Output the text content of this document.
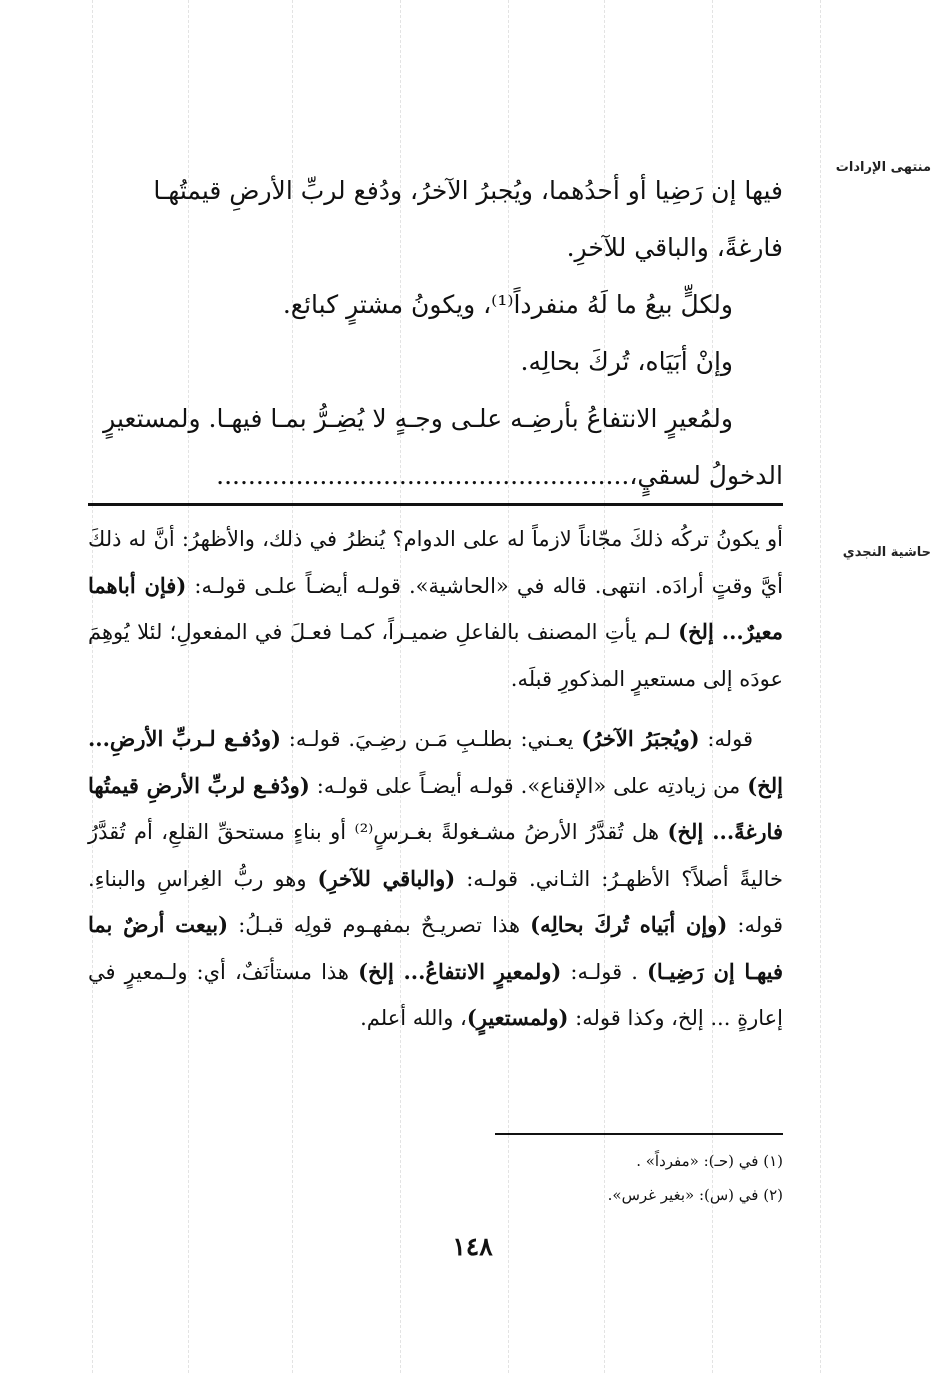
منتهى الإرادات
حاشية النجدي

فيها إن رَضِيا أو أحدُهما، ويُجبرُ الآخرُ، ودُفع لربِّ الأرضِ قيمتُهـا

فارغةً، والباقي للآخرِ.

ولكلٍّ بيعُ ما لَهُ منفرداً⁽¹⁾، ويكونُ مشترٍ كبائع.

وإنْ أبَيَاه، تُركَ بحالِه.

ولمُعيرٍ الانتفاعُ بأرضِـه علـى وجـهٍ لا يُضِـرُّ بمـا فيهـا. ولمستعيرٍ

الدخولُ لسقيٍ،....................................................

أو يكونُ تركُه ذلكَ مجّاناً لازماً له على الدوام؟ يُنظرُ في ذلك، والأظهرُ: أنَّ له ذلكَ أيَّ وقتٍ أرادَه. انتهى. قاله في «الحاشية». قولـه أيضـاً علـى قولـه: (فإن أباهما معيرٌ... إلخ) لـم يأتِ المصنف بالفاعلِ ضميـراً، كمـا فعـلَ في المفعولِ؛ لئلا يُوهِمَ عودَه إلى مستعيرٍ المذكورِ قبلَه.

قوله: (ويُجبَرُ الآخرُ) يعـني: بطلـبِ مَـن رضِـيَ. قولـه: (ودُفـع لـربِّ الأرضِ... إلخ) من زيادتِه على «الإقناع». قولـه أيضـاً على قولـه: (ودُفـع لربِّ الأرضِ قيمتُها فارغةً... إلخ) هل تُقدَّرُ الأرضُ مشـغولةً بغـرسٍ⁽²⁾ أو بناءٍ مستحقِّ القلعِ، أم تُقدَّرُ خاليةً أصلاً؟ الأظهـرُ: الثـاني. قولـه: (والباقي للآخرِ) وهو ربُّ الغِراسِ والبناءِ. قوله: (وإن أبَياه تُركَ بحالِه) هذا تصريـحٌ بمفهـوم قولِه قبـلُ: (بيعت أرضٌ بما فيهـا إن رَضِيـا) . قولـه: (ولمعيرٍ الانتفاعُ... إلخ) هذا مستأنَفٌ، أي: ولـمعيرٍ في إعارةٍ ... إلخ، وكذا قوله: (ولمستعيرٍ)، والله أعلم.

(١) في (حـ): «مفرداً» .

(٢) في (س): «بغير غرس».

١٤٨
